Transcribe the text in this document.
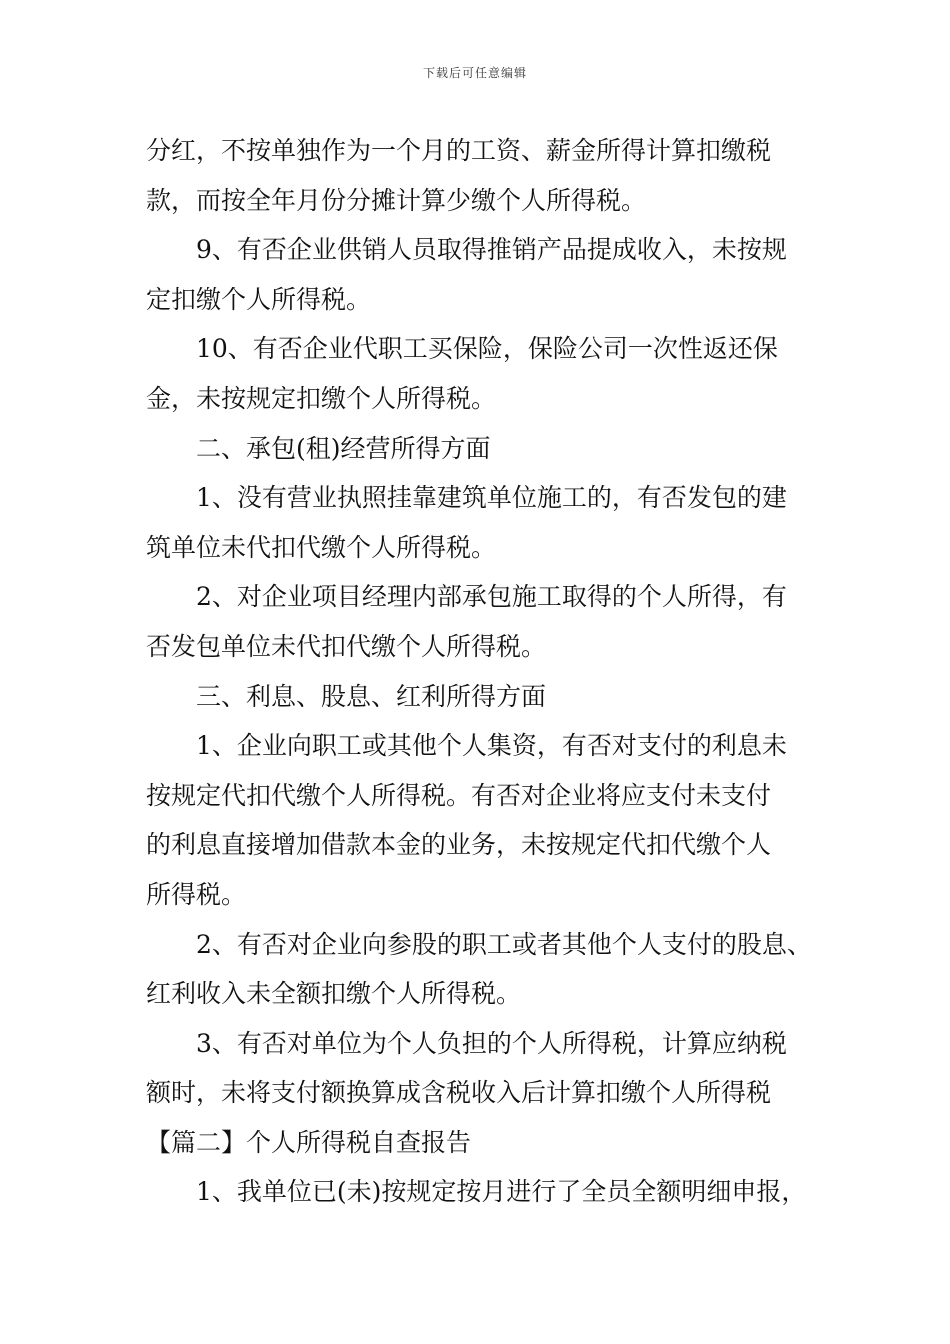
下载后可任意编辑
分红，不按单独作为一个月的工资、薪金所得计算扣缴税
款，而按全年月份分摊计算少缴个人所得税。
9、有否企业供销人员取得推销产品提成收入，未按规
定扣缴个人所得税。
10、有否企业代职工买保险，保险公司一次性返还保
金，未按规定扣缴个人所得税。
二、承包(租)经营所得方面
1、没有营业执照挂靠建筑单位施工的，有否发包的建
筑单位未代扣代缴个人所得税。
2、对企业项目经理内部承包施工取得的个人所得，有
否发包单位未代扣代缴个人所得税。
三、利息、股息、红利所得方面
1、企业向职工或其他个人集资，有否对支付的利息未
按规定代扣代缴个人所得税。有否对企业将应支付未支付
的利息直接增加借款本金的业务，未按规定代扣代缴个人
所得税。
2、有否对企业向参股的职工或者其他个人支付的股息、
红利收入未全额扣缴个人所得税。
3、有否对单位为个人负担的个人所得税，计算应纳税
额时，未将支付额换算成含税收入后计算扣缴个人所得税
【篇二】个人所得税自查报告
1、我单位已(未)按规定按月进行了全员全额明细申报，
